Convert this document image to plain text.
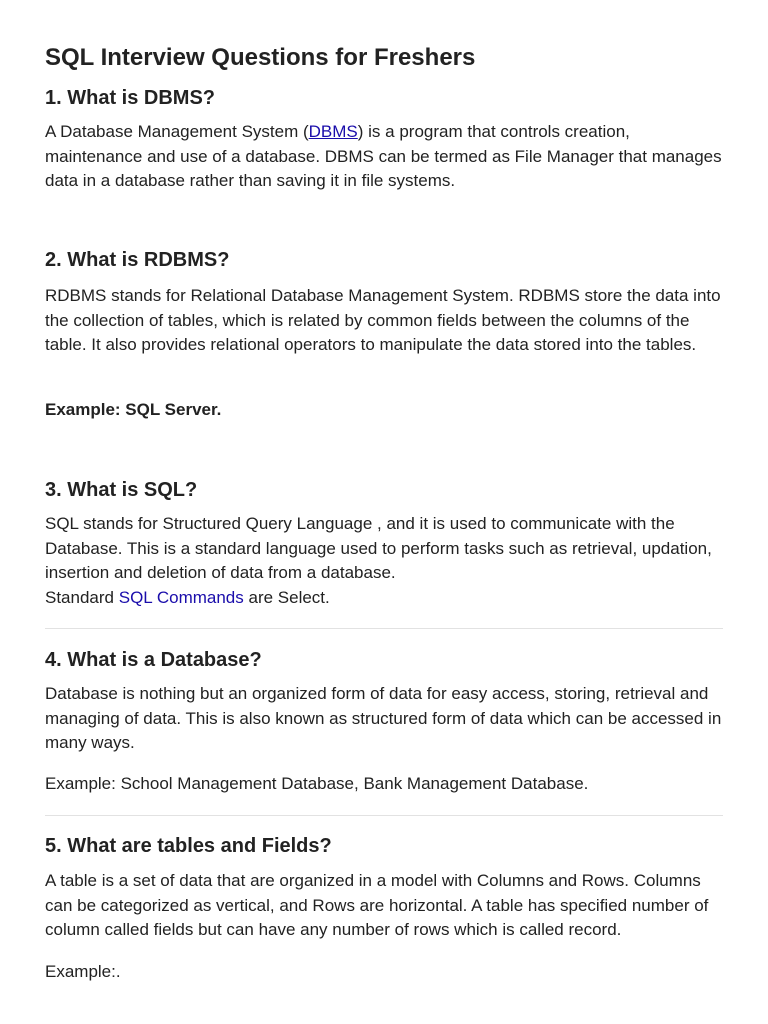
SQL Interview Questions for Freshers
1. What is DBMS?

A Database Management System (DBMS) is a program that controls creation, maintenance and use of a database. DBMS can be termed as File Manager that manages data in a database rather than saving it in file systems.

2. What is RDBMS?

RDBMS stands for Relational Database Management System. RDBMS store the data into the collection of tables, which is related by common fields between the columns of the table. It also provides relational operators to manipulate the data stored into the tables.

Example: SQL Server.

3. What is SQL?

SQL stands for Structured Query Language , and it is used to communicate with the Database. This is a standard language used to perform tasks such as retrieval, updation, insertion and deletion of data from a database.

Standard SQL Commands are Select.

4. What is a Database?

Database is nothing but an organized form of data for easy access, storing, retrieval and managing of data. This is also known as structured form of data which can be accessed in many ways.

Example: School Management Database, Bank Management Database.

5. What are tables and Fields?

A table is a set of data that are organized in a model with Columns and Rows. Columns can be categorized as vertical, and Rows are horizontal. A table has specified number of column called fields but can have any number of rows which is called record.

Example:.
